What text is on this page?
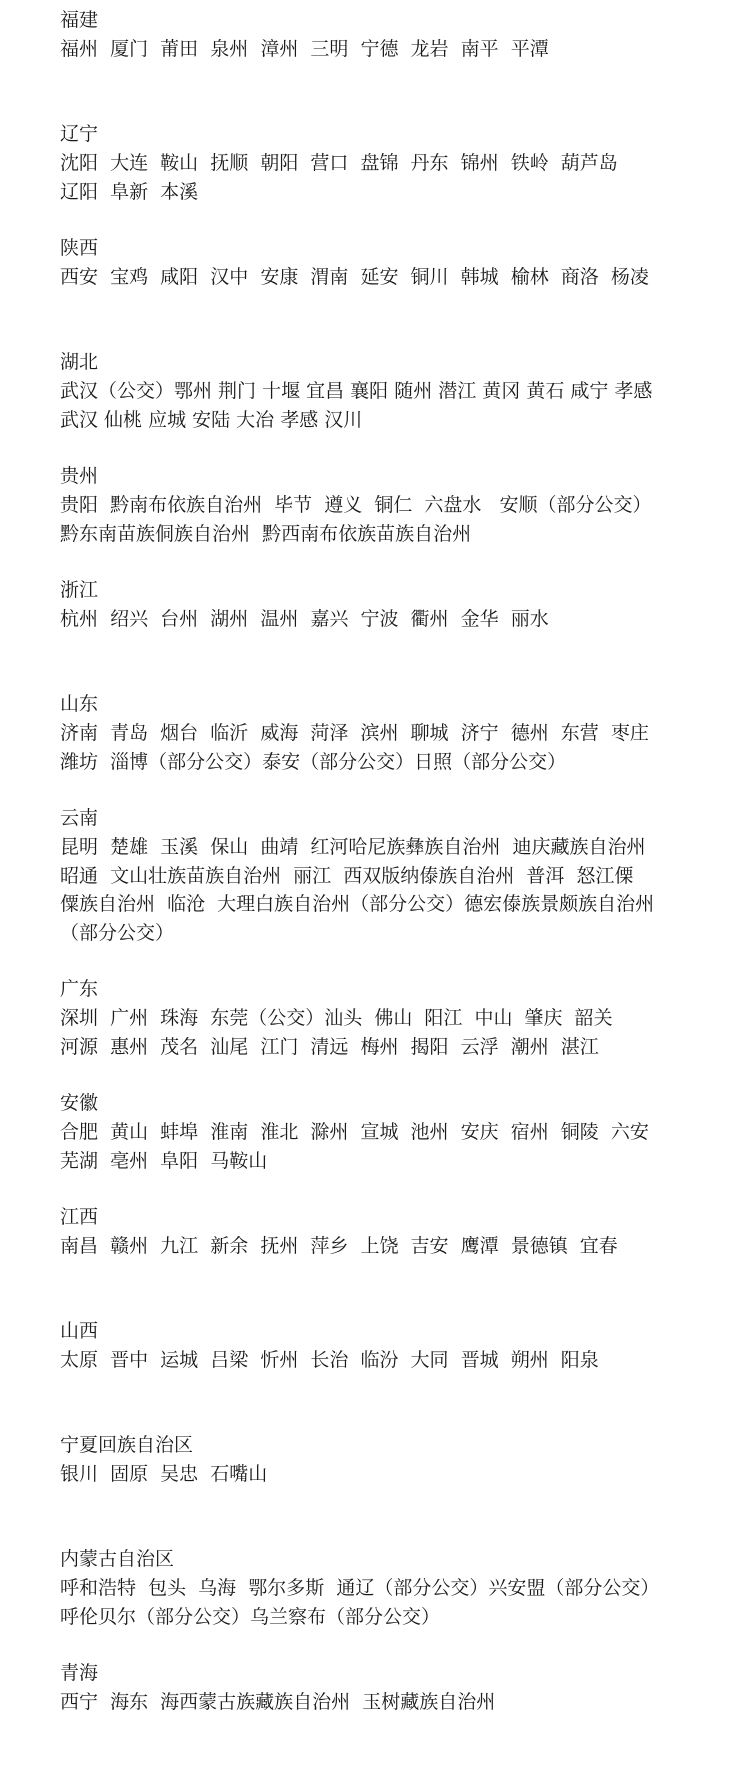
福建
福州  厦门  莆田  泉州  漳州  三明  宁德  龙岩  南平  平潭
辽宁
沈阳  大连  鞍山  抚顺  朝阳  营口  盘锦  丹东  锦州  铁岭  葫芦岛
辽阳  阜新  本溪
陕西
西安  宝鸡  咸阳  汉中  安康  渭南  延安  铜川  韩城  榆林  商洛  杨凌
湖北
武汉（公交）鄂州 荆门 十堰 宜昌 襄阳 随州 潜江 黄冈 黄石 咸宁 孝感
武汉 仙桃 应城 安陆 大冶 孝感 汉川
贵州
贵阳  黔南布依族自治州  毕节  遵义  铜仁  六盘水   安顺（部分公交）
黔东南苗族侗族自治州  黔西南布依族苗族自治州
浙江
杭州  绍兴  台州  湖州  温州  嘉兴  宁波  衢州  金华  丽水
山东
济南  青岛  烟台  临沂  威海  菏泽  滨州  聊城  济宁  德州  东营  枣庄
潍坊  淄博（部分公交）泰安（部分公交）日照（部分公交）
云南
昆明  楚雄  玉溪  保山  曲靖  红河哈尼族彝族自治州  迪庆藏族自治州
昭通  文山壮族苗族自治州  丽江  西双版纳傣族自治州  普洱  怒江傈
僳族自治州  临沧  大理白族自治州（部分公交）德宏傣族景颇族自治州
（部分公交）
广东
深圳  广州  珠海  东莞（公交）汕头  佛山  阳江  中山  肇庆  韶关
河源  惠州  茂名  汕尾  江门  清远  梅州  揭阳  云浮  潮州  湛江
安徽
合肥  黄山  蚌埠  淮南  淮北  滁州  宣城  池州  安庆  宿州  铜陵  六安
芜湖  亳州  阜阳  马鞍山
江西
南昌  赣州  九江  新余  抚州  萍乡  上饶  吉安  鹰潭  景德镇  宜春
山西
太原  晋中  运城  吕梁  忻州  长治  临汾  大同  晋城  朔州  阳泉
宁夏回族自治区
银川  固原  吴忠  石嘴山
内蒙古自治区
呼和浩特  包头  乌海  鄂尔多斯  通辽（部分公交）兴安盟（部分公交）
呼伦贝尔（部分公交）乌兰察布（部分公交）
青海
西宁  海东  海西蒙古族藏族自治州  玉树藏族自治州
